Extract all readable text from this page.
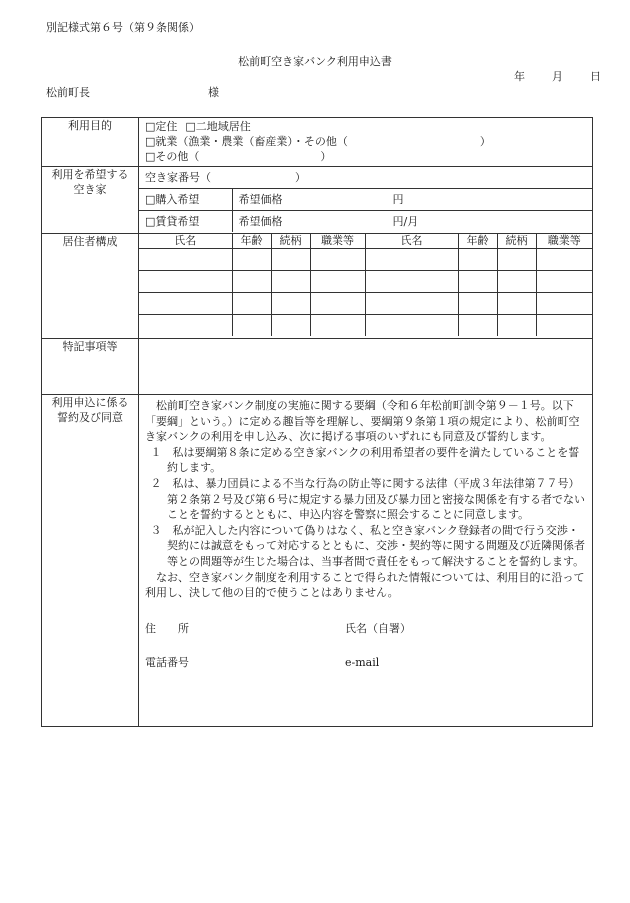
別記様式第６号（第９条関係）
松前町空き家バンク利用申込書
年 月 日
松前町長	様
利用目的	□定住 □二地域居住
□就業（漁業・農業（畜産業）・その他（　　　　　　　　　　　　）
□その他（　　　　　　　　　　　）

利用を希望する
空き家

空き家番号（	）
□購入希望	希望価格	円
□賃貸希望	希望価格	円/月

居住者構成		氏名	年齢	続柄	職業等	氏名	年齢	続柄	職業等

特記事項等	

利用申込に係る
誓約及び同意

松前町空き家バンク制度の実施に関する要綱（令和６年松前町訓令第９－１号。以下「要綱」という。）に定める趣旨等を理解し、要綱第９条第１項の規定により、松前町空き家バンクの利用を申し込み、次に掲げる事項のいずれにも同意及び誓約します。

１　私は要綱第８条に定める空き家バンクの利用希望者の要件を満たしていることを誓約します。

２　私は、暴力団員による不当な行為の防止等に関する法律（平成３年法律第７７号）第２条第２号及び第６号に規定する暴力団及び暴力団と密接な関係を有する者でないことを誓約するとともに、申込内容を警察に照会することに同意します。

３　私が記入した内容について偽りはなく、私と空き家バンク登録者の間で行う交渉・契約には誠意をもって対応するとともに、交渉・契約等に関する問題及び近隣関係者等との問題等が生じた場合は、当事者間で責任をもって解決することを誓約します。

なお、空き家バンク制度を利用することで得られた情報については、利用目的に沿って利用し、決して他の目的で使うことはありません。

住　　所	氏名（自署）
電話番号	e-mail
